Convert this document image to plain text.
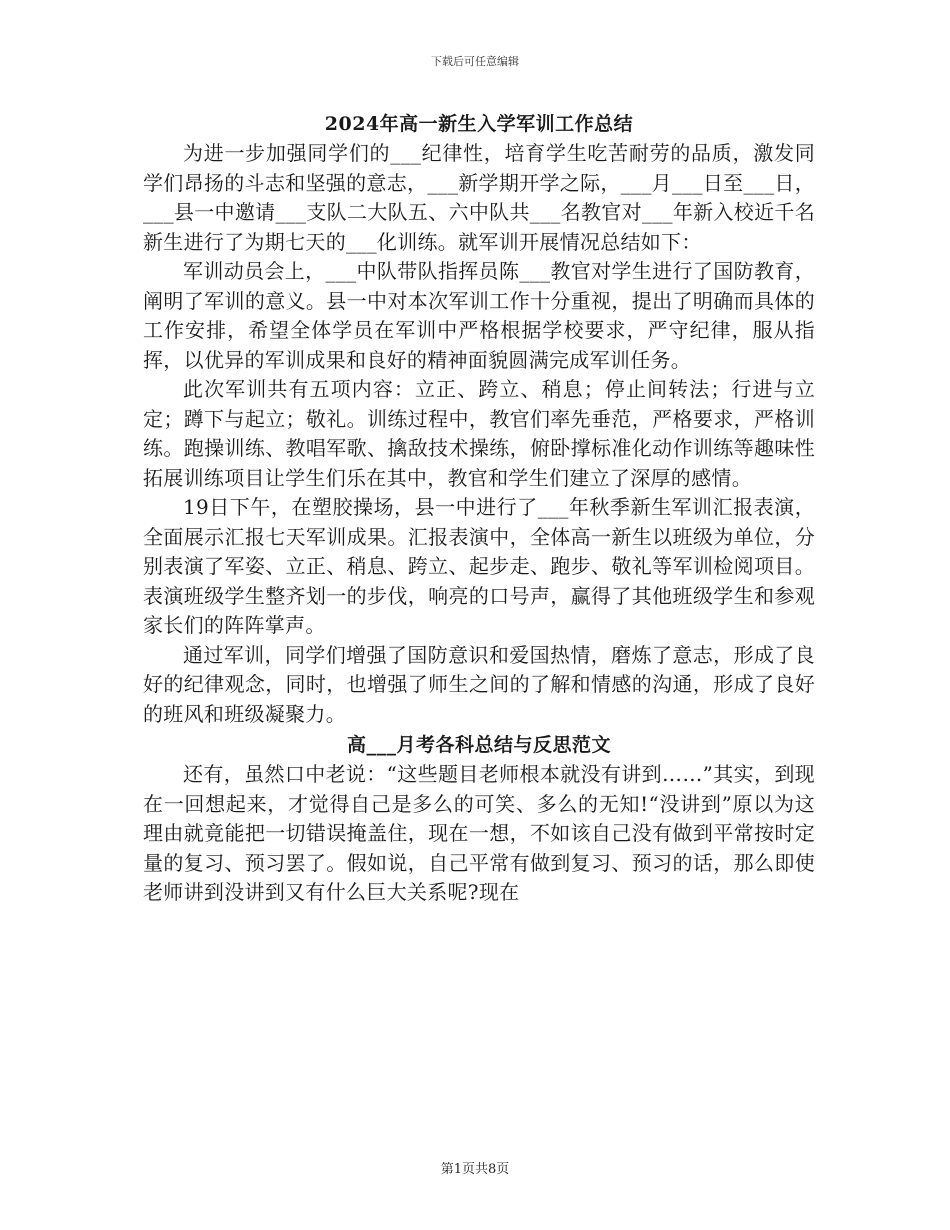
下载后可任意编辑
2024年高一新生入学军训工作总结

为进一步加强同学们的___纪律性，培育学生吃苦耐劳的品质，激发同学们昂扬的斗志和坚强的意志，___新学期开学之际，___月___日至___日，___县一中邀请___支队二大队五、六中队共___名教官对___年新入校近千名新生进行了为期七天的___化训练。就军训开展情况总结如下：

军训动员会上，___中队带队指挥员陈___教官对学生进行了国防教育，阐明了军训的意义。县一中对本次军训工作十分重视，提出了明确而具体的工作安排，希望全体学员在军训中严格根据学校要求，严守纪律，服从指挥，以优异的军训成果和良好的精神面貌圆满完成军训任务。

此次军训共有五项内容：立正、跨立、稍息；停止间转法；行进与立定；蹲下与起立；敬礼。训练过程中，教官们率先垂范，严格要求，严格训练。跑操训练、教唱军歌、擒敌技术操练，俯卧撑标准化动作训练等趣味性拓展训练项目让学生们乐在其中，教官和学生们建立了深厚的感情。

19日下午，在塑胶操场，县一中进行了___年秋季新生军训汇报表演，全面展示汇报七天军训成果。汇报表演中，全体高一新生以班级为单位，分别表演了军姿、立正、稍息、跨立、起步走、跑步、敬礼等军训检阅项目。表演班级学生整齐划一的步伐，响亮的口号声，赢得了其他班级学生和参观家长们的阵阵掌声。

通过军训，同学们增强了国防意识和爱国热情，磨炼了意志，形成了良好的纪律观念，同时，也增强了师生之间的了解和情感的沟通，形成了良好的班风和班级凝聚力。

高___月考各科总结与反思范文

还有，虽然口中老说：“这些题目老师根本就没有讲到……”其实，到现在一回想起来，才觉得自己是多么的可笑、多么的无知!“没讲到”原以为这理由就竟能把一切错误掩盖住，现在一想，不如该自己没有做到平常按时定量的复习、预习罢了。假如说，自己平常有做到复习、预习的话，那么即使老师讲到没讲到又有什么巨大关系呢?现在

第1页共8页
